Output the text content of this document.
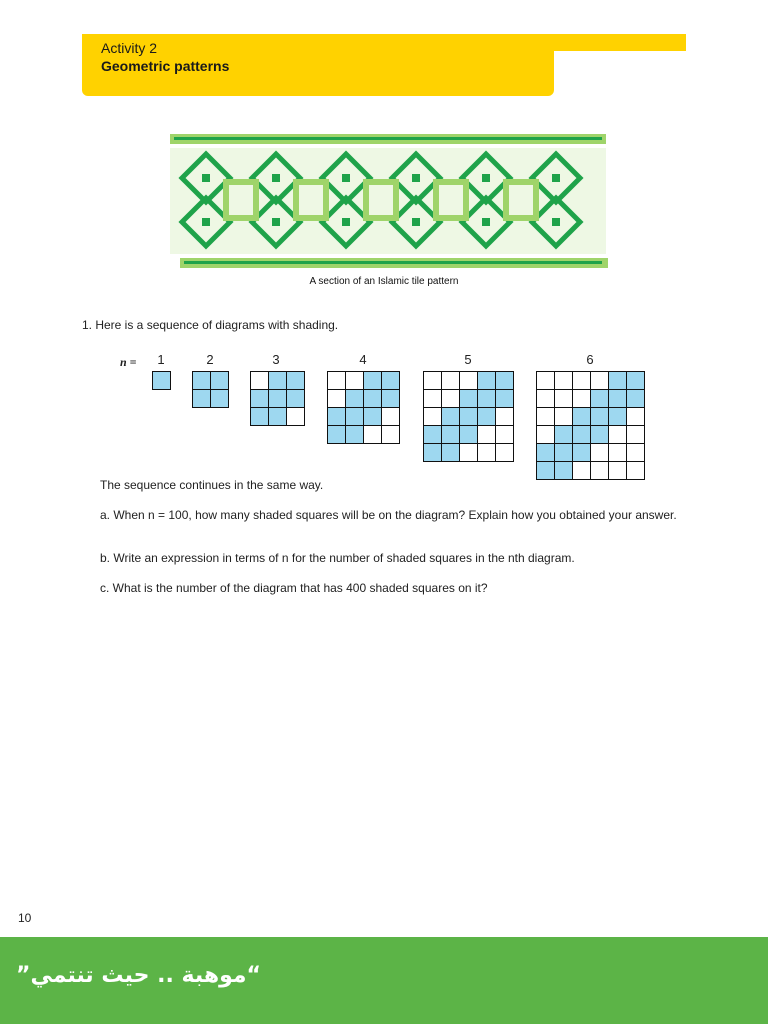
Activity 2
Geometric patterns
A section of an Islamic tile pattern
1. Here is a sequence of diagrams with shading.
n =	1	2	3	4	5	6
The sequence continues in the same way.
a. When n = 100, how many shaded squares will be on the diagram? Explain how you obtained your answer.
b. Write an expression in terms of n for the number of shaded squares in the nth diagram.
c. What is the number of the diagram that has 400 shaded squares on it?
10
“موهبة .. حيث تنتمي”
